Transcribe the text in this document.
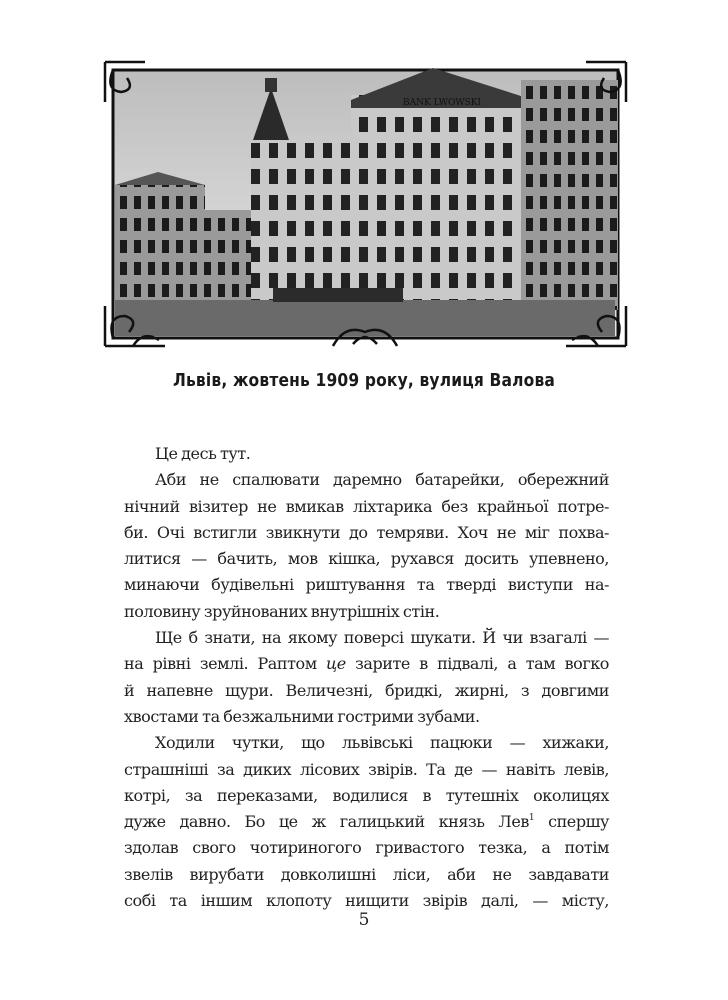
BANK LWOWSKI
Львів, жовтень 1909 року, вулиця Валова
Це десь тут.
Аби не спалювати даремно батарейки, обережний
нічний візитер не вмикав ліхтарика без крайньої потре-
би. Очі встигли звикнути до темряви. Хоч не міг похва-
литися — бачить, мов кішка, рухався досить упевнено,
минаючи будівельні риштування та тверді виступи на-
половину зруйнованих внутрішніх стін.
Ще б знати, на якому поверсі шукати. Й чи взагалі —
на рівні землі. Раптом це зарите в підвалі, а там вогко
й напевне щури. Величезні, бридкі, жирні, з довгими
хвостами та безжальними гострими зубами.
Ходили чутки, що львівські пацюки — хижаки,
страшніші за диких лісових звірів. Та де — навіть левів,
котрі, за переказами, водилися в тутешніх околицях
дуже давно. Бо це ж галицький князь Лев$^1$ спершу
здолав свого чотириногого гривастого тезка, а потім
звелів вирубати довколишні ліси, аби не завдавати
собі та іншим клопоту нищити звірів далі, — місту,
5
